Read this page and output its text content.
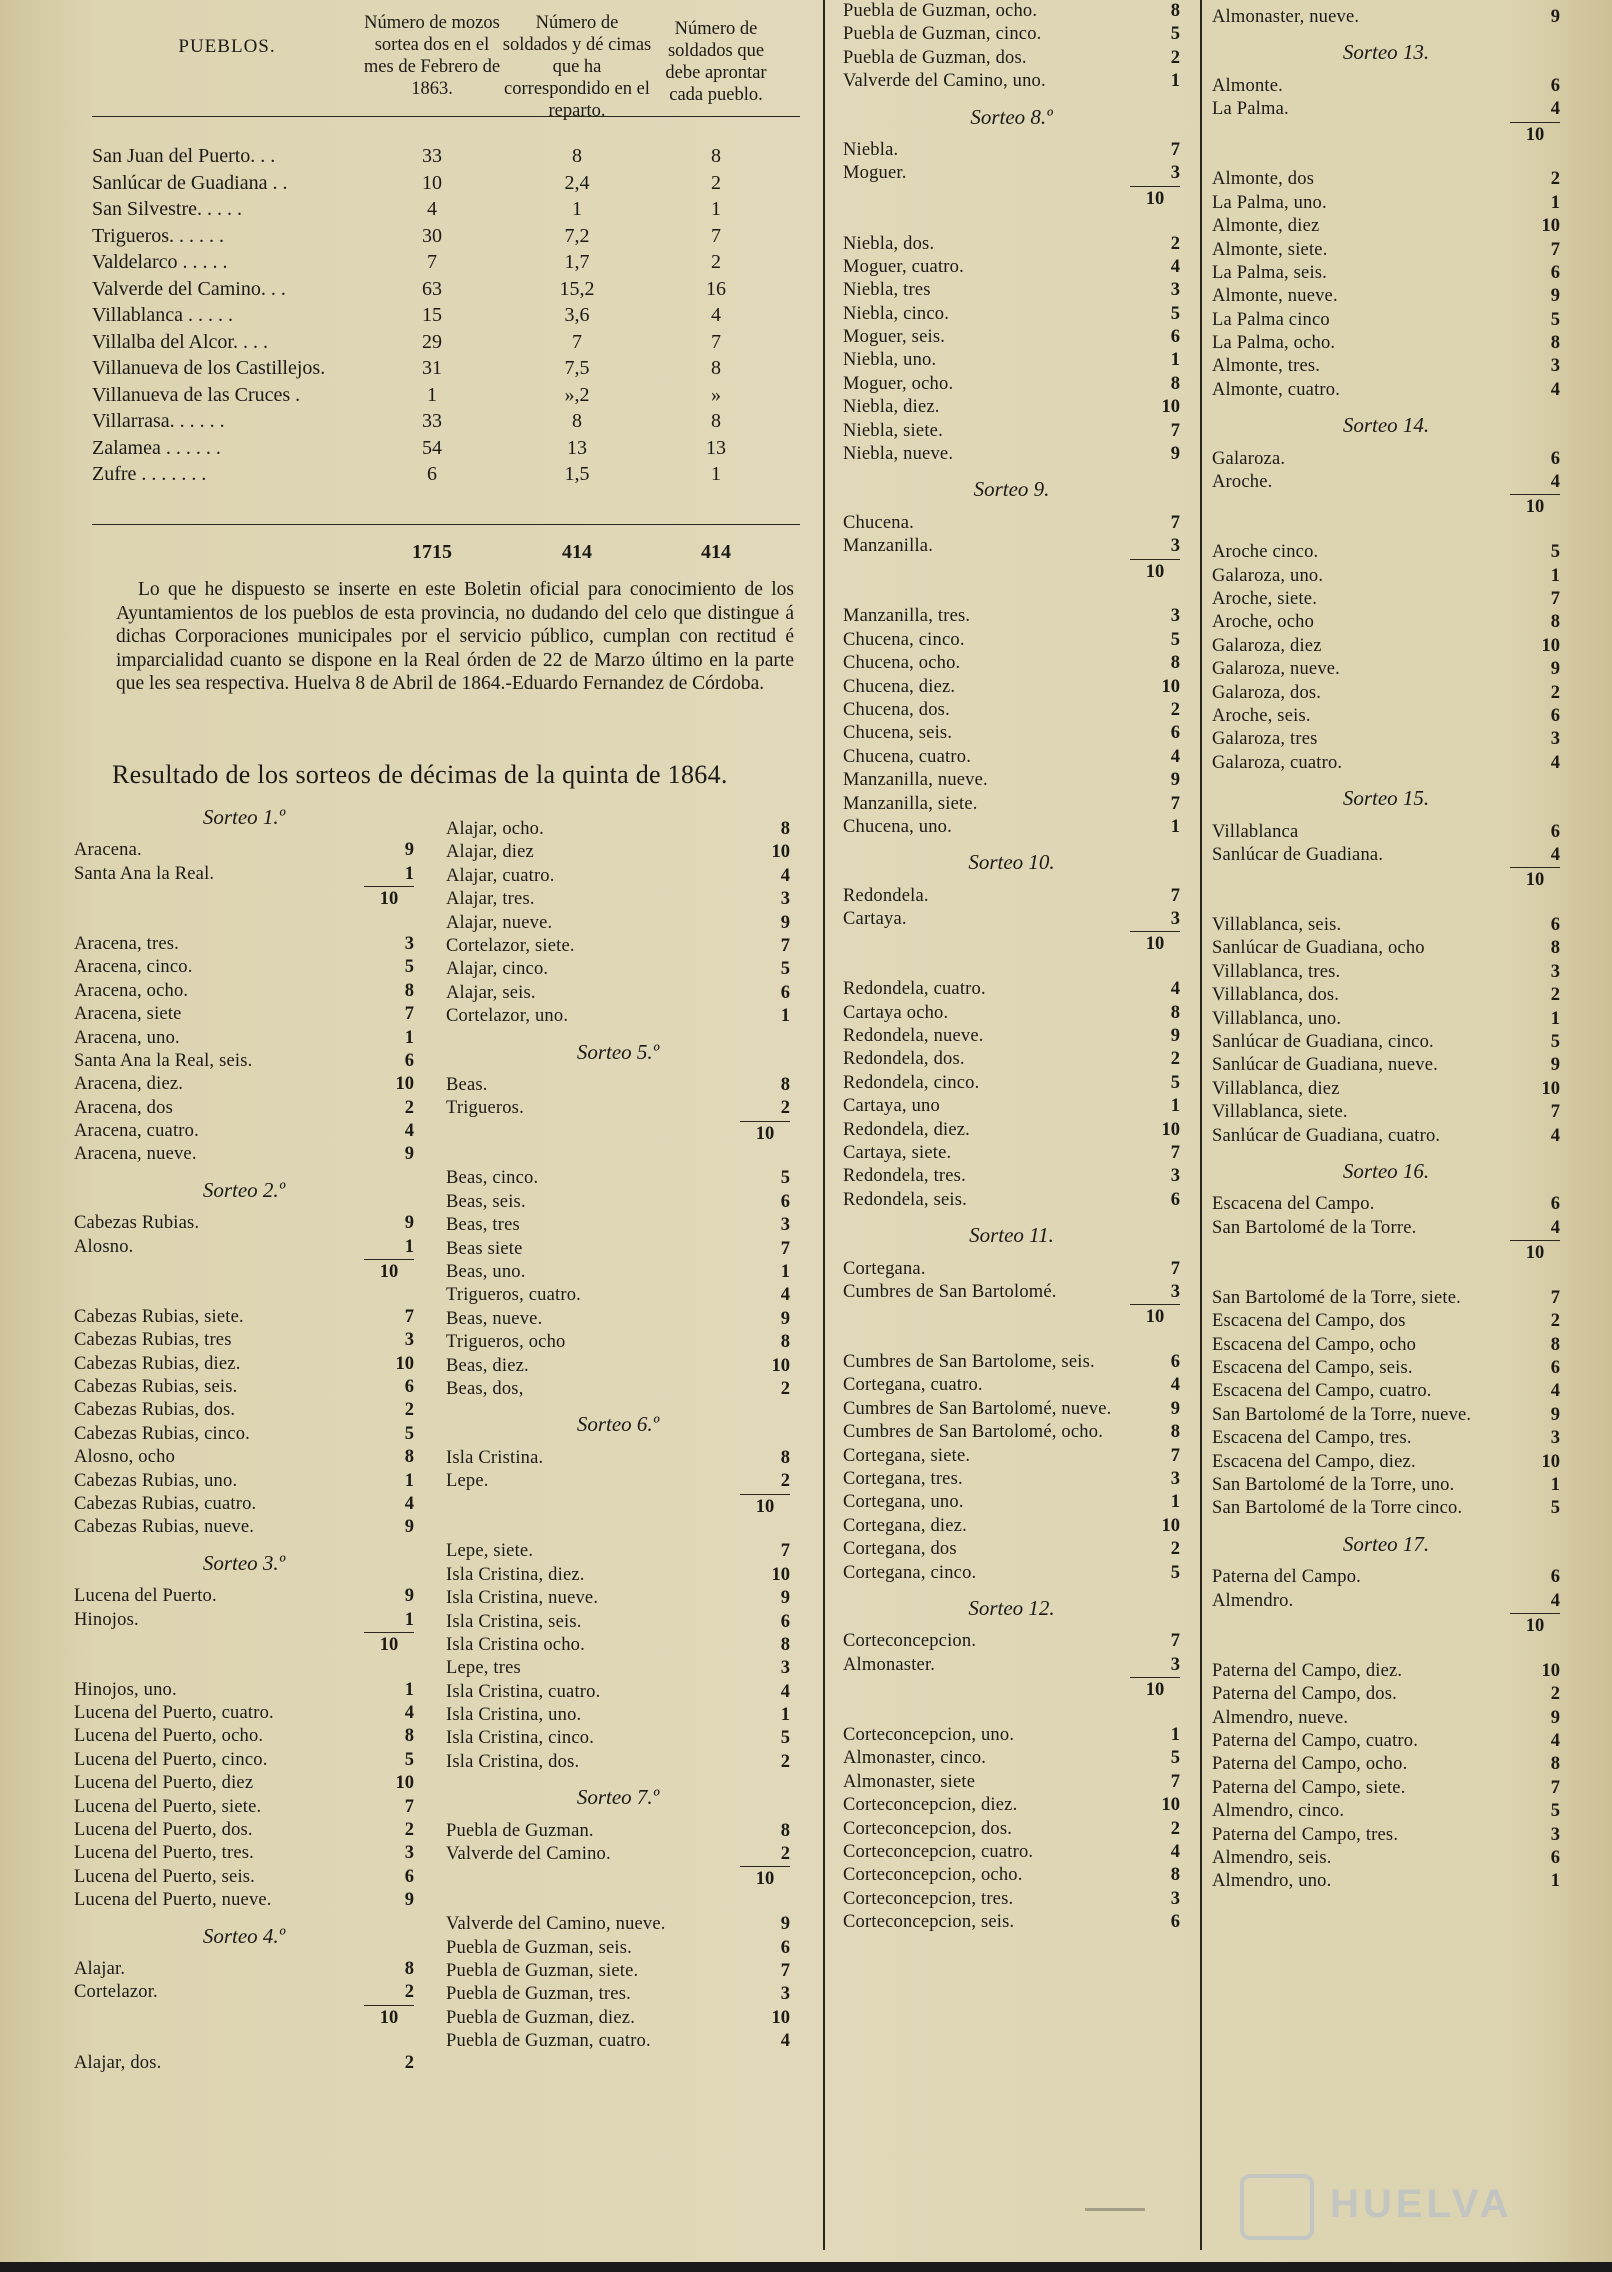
PUEBLOS.
Número de mozos sortea dos en el mes de Febrero de 1863.
Número de soldados y dé cimas que ha correspondido en el reparto.
Número de soldados que debe aprontar cada pueblo.
San Juan del Puerto. . .	33	8	8
Sanlúcar de Guadiana . .	10	2,4	2
San Silvestre. . . . .	4	1	1
Trigueros. . . . . .	30	7,2	7
Valdelarco . . . . .	7	1,7	2
Valverde del Camino. . .	63	15,2	16
Villablanca . . . . .	15	3,6	4
Villalba del Alcor. . . .	29	7	7
Villanueva de los Castillejos.	31	7,5	8
Villanueva de las Cruces .	1	»,2	»
Villarrasa. . . . . .	33	8	8
Zalamea . . . . . .	54	13	13
Zufre . . . . . . .	6	1,5	1
1715	414	414
Lo que he dispuesto se inserte en este Boletin oficial para conocimiento de los Ayuntamientos de los pueblos de esta provincia, no dudando del celo que distingue á dichas Corporaciones municipales por el servicio público, cumplan con rectitud é imparcialidad cuanto se dispone en la Real órden de 22 de Marzo último en la parte que les sea respectiva. Huelva 8 de Abril de 1864.-Eduardo Fernandez de Córdoba.
Resultado de los sorteos de décimas de la quinta de 1864.
Sorteo 1.º
Aracena.	9
Santa Ana la Real.	1
10
Aracena, tres.	3
Aracena, cinco.	5
Aracena, ocho.	8
Aracena, siete	7
Aracena, uno.	1
Santa Ana la Real, seis.	6
Aracena, diez.	10
Aracena, dos	2
Aracena, cuatro.	4
Aracena, nueve.	9
Sorteo 2.º
Cabezas Rubias.	9
Alosno.	1
10
Cabezas Rubias, siete.	7
Cabezas Rubias, tres	3
Cabezas Rubias, diez.	10
Cabezas Rubias, seis.	6
Cabezas Rubias, dos.	2
Cabezas Rubias, cinco.	5
Alosno, ocho	8
Cabezas Rubias, uno.	1
Cabezas Rubias, cuatro.	4
Cabezas Rubias, nueve.	9
Sorteo 3.º
Lucena del Puerto.	9
Hinojos.	1
10
Hinojos, uno.	1
Lucena del Puerto, cuatro.	4
Lucena del Puerto, ocho.	8
Lucena del Puerto, cinco.	5
Lucena del Puerto, diez	10
Lucena del Puerto, siete.	7
Lucena del Puerto, dos.	2
Lucena del Puerto, tres.	3
Lucena del Puerto, seis.	6
Lucena del Puerto, nueve.	9
Sorteo 4.º
Alajar.	8
Cortelazor.	2
10
Alajar, dos.	2
Alajar, ocho.	8
Alajar, diez	10
Alajar, cuatro.	4
Alajar, tres.	3
Alajar, nueve.	9
Cortelazor, siete.	7
Alajar, cinco.	5
Alajar, seis.	6
Cortelazor, uno.	1
Sorteo 5.º
Beas.	8
Trigueros.	2
10
Beas, cinco.	5
Beas, seis.	6
Beas, tres	3
Beas siete	7
Beas, uno.	1
Trigueros, cuatro.	4
Beas, nueve.	9
Trigueros, ocho	8
Beas, diez.	10
Beas, dos,	2
Sorteo 6.º
Isla Cristina.	8
Lepe.	2
10
Lepe, siete.	7
Isla Cristina, diez.	10
Isla Cristina, nueve.	9
Isla Cristina, seis.	6
Isla Cristina ocho.	8
Lepe, tres	3
Isla Cristina, cuatro.	4
Isla Cristina, uno.	1
Isla Cristina, cinco.	5
Isla Cristina, dos.	2
Sorteo 7.º
Puebla de Guzman.	8
Valverde del Camino.	2
10
Valverde del Camino, nueve.	9
Puebla de Guzman, seis.	6
Puebla de Guzman, siete.	7
Puebla de Guzman, tres.	3
Puebla de Guzman, diez.	10
Puebla de Guzman, cuatro.	4
Puebla de Guzman, ocho.	8
Puebla de Guzman, cinco.	5
Puebla de Guzman, dos.	2
Valverde del Camino, uno.	1
Sorteo 8.º
Niebla.	7
Moguer.	3
10
Niebla, dos.	2
Moguer, cuatro.	4
Niebla, tres	3
Niebla, cinco.	5
Moguer, seis.	6
Niebla, uno.	1
Moguer, ocho.	8
Niebla, diez.	10
Niebla, siete.	7
Niebla, nueve.	9
Sorteo 9.
Chucena.	7
Manzanilla.	3
10
Manzanilla, tres.	3
Chucena, cinco.	5
Chucena, ocho.	8
Chucena, diez.	10
Chucena, dos.	2
Chucena, seis.	6
Chucena, cuatro.	4
Manzanilla, nueve.	9
Manzanilla, siete.	7
Chucena, uno.	1
Sorteo 10.
Redondela.	7
Cartaya.	3
10
Redondela, cuatro.	4
Cartaya ocho.	8
Redondela, nueve.	9
Redondela, dos.	2
Redondela, cinco.	5
Cartaya, uno	1
Redondela, diez.	10
Cartaya, siete.	7
Redondela, tres.	3
Redondela, seis.	6
Sorteo 11.
Cortegana.	7
Cumbres de San Bartolomé.	3
10
Cumbres de San Bartolome, seis.	6
Cortegana, cuatro.	4
Cumbres de San Bartolomé, nueve.	9
Cumbres de San Bartolomé, ocho.	8
Cortegana, siete.	7
Cortegana, tres.	3
Cortegana, uno.	1
Cortegana, diez.	10
Cortegana, dos	2
Cortegana, cinco.	5
Sorteo 12.
Corteconcepcion.	7
Almonaster.	3
10
Corteconcepcion, uno.	1
Almonaster, cinco.	5
Almonaster, siete	7
Corteconcepcion, diez.	10
Corteconcepcion, dos.	2
Corteconcepcion, cuatro.	4
Corteconcepcion, ocho.	8
Corteconcepcion, tres.	3
Corteconcepcion, seis.	6
Almonaster, nueve.	9
Sorteo 13.
Almonte.	6
La Palma.	4
10
Almonte, dos	2
La Palma, uno.	1
Almonte, diez	10
Almonte, siete.	7
La Palma, seis.	6
Almonte, nueve.	9
La Palma cinco	5
La Palma, ocho.	8
Almonte, tres.	3
Almonte, cuatro.	4
Sorteo 14.
Galaroza.	6
Aroche.	4
10
Aroche cinco.	5
Galaroza, uno.	1
Aroche, siete.	7
Aroche, ocho	8
Galaroza, diez	10
Galaroza, nueve.	9
Galaroza, dos.	2
Aroche, seis.	6
Galaroza, tres	3
Galaroza, cuatro.	4
Sorteo 15.
Villablanca	6
Sanlúcar de Guadiana.	4
10
Villablanca, seis.	6
Sanlúcar de Guadiana, ocho	8
Villablanca, tres.	3
Villablanca, dos.	2
Villablanca, uno.	1
Sanlúcar de Guadiana, cinco.	5
Sanlúcar de Guadiana, nueve.	9
Villablanca, diez	10
Villablanca, siete.	7
Sanlúcar de Guadiana, cuatro.	4
Sorteo 16.
Escacena del Campo.	6
San Bartolomé de la Torre.	4
10
San Bartolomé de la Torre, siete.	7
Escacena del Campo, dos	2
Escacena del Campo, ocho	8
Escacena del Campo, seis.	6
Escacena del Campo, cuatro.	4
San Bartolomé de la Torre, nueve.	9
Escacena del Campo, tres.	3
Escacena del Campo, diez.	10
San Bartolomé de la Torre, uno.	1
San Bartolomé de la Torre cinco.	5
Sorteo 17.
Paterna del Campo.	6
Almendro.	4
10
Paterna del Campo, diez.	10
Paterna del Campo, dos.	2
Almendro, nueve.	9
Paterna del Campo, cuatro.	4
Paterna del Campo, ocho.	8
Paterna del Campo, siete.	7
Almendro, cinco.	5
Paterna del Campo, tres.	3
Almendro, seis.	6
Almendro, uno.	1
HUELVA
